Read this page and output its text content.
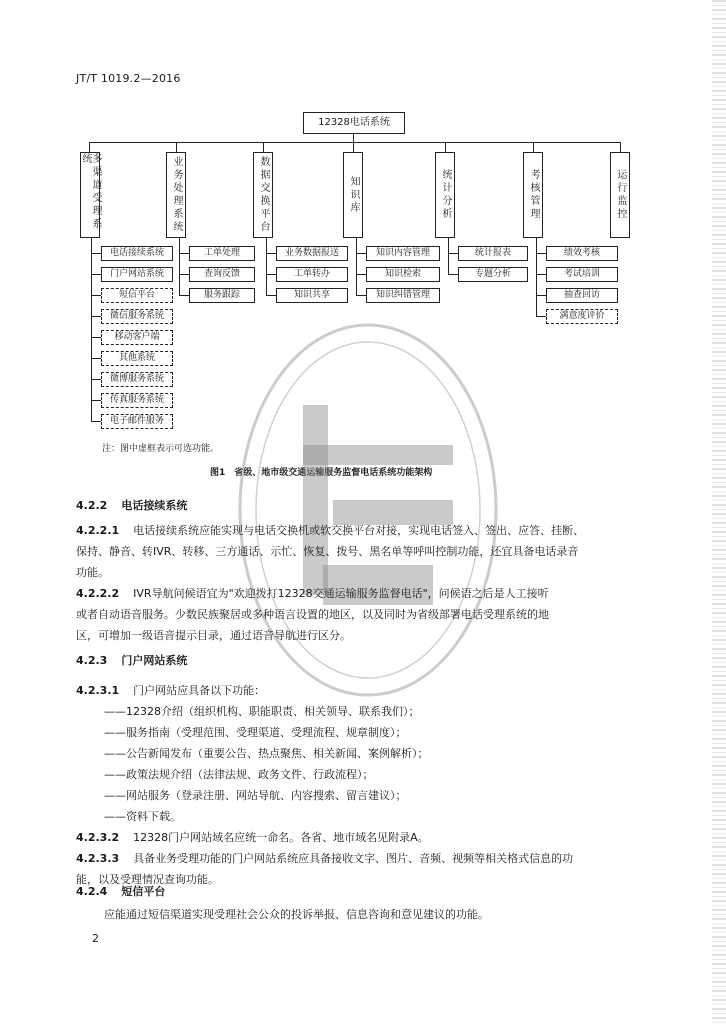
JT/T 1019.2—2016
12328电话系统
多渠道受理系统	业务处理系统	数据交换平台	知识库	统计分析	考核管理	运行监控
电话接续系统
门户网站系统
短信平台
微信服务系统
移动客户端
其他系统
微博服务系统
传真服务系统
电子邮件服务
工单处理
查询反馈
服务跟踪
业务数据报送
工单转办
知识共享
知识内容管理
知识检索
知识纠错管理
统计报表
专题分析
绩效考核
考试培训
抽查回访
满意度评价
注：图中虚框表示可选功能。
图1　省级、地市级交通运输服务监督电话系统功能架构
4.2.2 电话接续系统
4.2.2.1 电话接续系统应能实现与电话交换机或软交换平台对接，实现电话签入、签出、应答、挂断、
保持、静音、转IVR、转移、三方通话、示忙、恢复、拨号、黑名单等呼叫控制功能，还宜具备电话录音
功能。
4.2.2.2 IVR导航问候语宜为"欢迎拨打12328交通运输服务监督电话"，问候语之后是人工接听
或者自动语音服务。少数民族聚居或多种语言设置的地区，以及同时为省级部署电话受理系统的地
区，可增加一级语音提示目录，通过语音导航进行区分。
4.2.3 门户网站系统
4.2.3.1 门户网站应具备以下功能：
——12328介绍（组织机构、职能职责、相关领导、联系我们）；
——服务指南（受理范围、受理渠道、受理流程、规章制度）；
——公告新闻发布（重要公告、热点聚焦、相关新闻、案例解析）；
——政策法规介绍（法律法规、政务文件、行政流程）；
——网站服务（登录注册、网站导航、内容搜索、留言建议）；
——资料下载。
4.2.3.2 12328门户网站域名应统一命名。各省、地市域名见附录A。
4.2.3.3 具备业务受理功能的门户网站系统应具备接收文字、图片、音频、视频等相关格式信息的功
能，以及受理情况查询功能。
4.2.4 短信平台
应能通过短信渠道实现受理社会公众的投诉举报、信息咨询和意见建议的功能。
2
